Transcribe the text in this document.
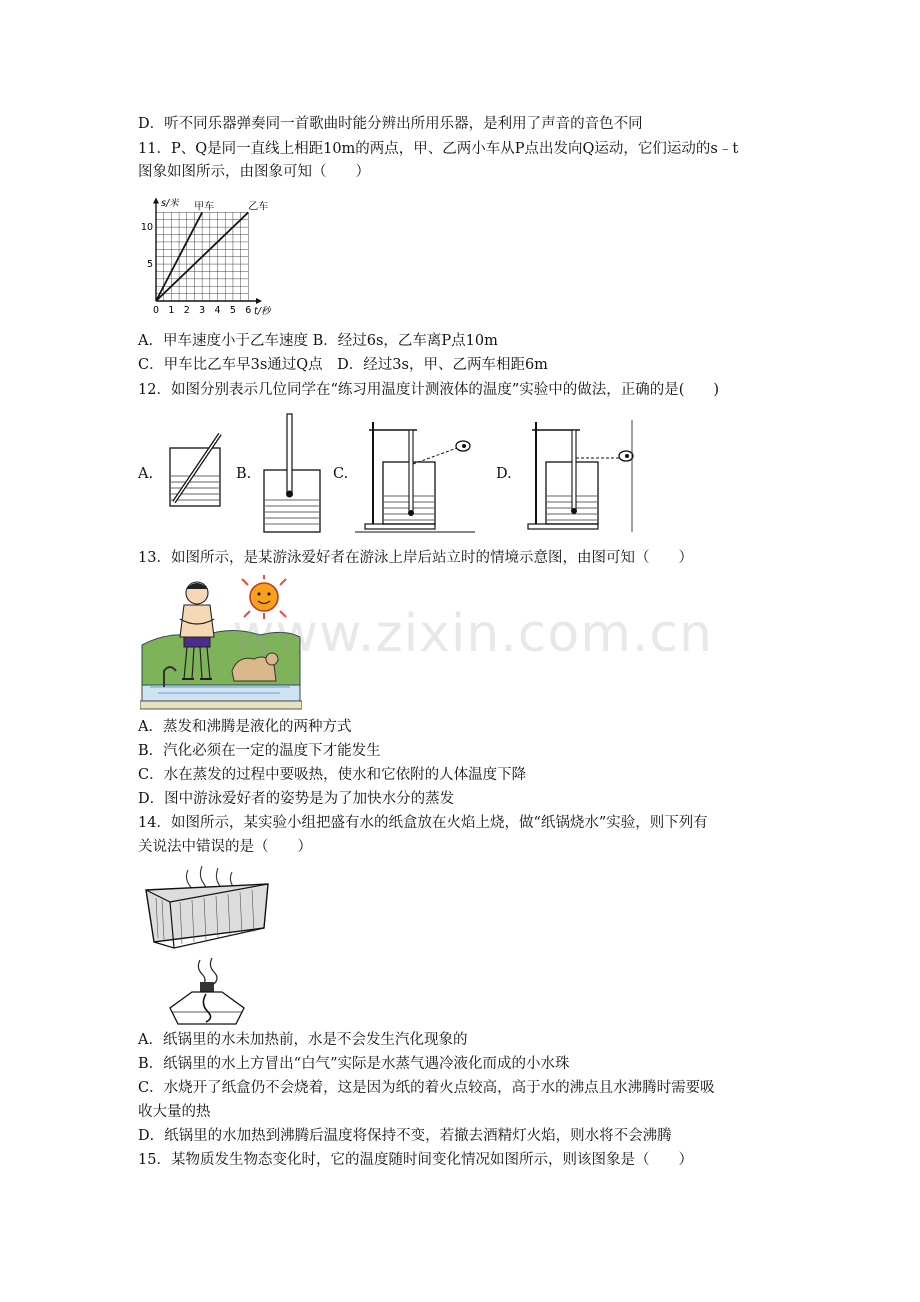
D．听不同乐器弹奏同一首歌曲时能分辨出所用乐器，是利用了声音的音色不同
11．P、Q是同一直线上相距10m的两点，甲、乙两小车从P点出发向Q运动，它们运动的s﹣t
图象如图所示，由图象可知（　　）
甲车	乙车
0 1 2 3 4 5 6
5
10
s/米
t/秒
A．甲车速度小于乙车速度 B．经过6s，乙车离P点10m
C．甲车比乙车早3s通过Q点　D．经过3s，甲、乙两车相距6m
12．如图分别表示几位同学在“练习用温度计测液体的温度”实验中的做法，正确的是(　　)
A.	B.	C.	D.
13．如图所示，是某游泳爱好者在游泳上岸后站立时的情境示意图，由图可知（　　）
A．蒸发和沸腾是液化的两种方式
B．汽化必须在一定的温度下才能发生
C．水在蒸发的过程中要吸热，使水和它依附的人体温度下降
D．图中游泳爱好者的姿势是为了加快水分的蒸发
14．如图所示，某实验小组把盛有水的纸盒放在火焰上烧，做“纸锅烧水”实验，则下列有
关说法中错误的是（　　）
A．纸锅里的水未加热前，水是不会发生汽化现象的
B．纸锅里的水上方冒出“白气”实际是水蒸气遇冷液化而成的小水珠
C．水烧开了纸盒仍不会烧着，这是因为纸的着火点较高，高于水的沸点且水沸腾时需要吸
收大量的热
D．纸锅里的水加热到沸腾后温度将保持不变，若撤去酒精灯火焰，则水将不会沸腾
15．某物质发生物态变化时，它的温度随时间变化情况如图所示，则该图象是（　　）
www.zixin.com.cn
